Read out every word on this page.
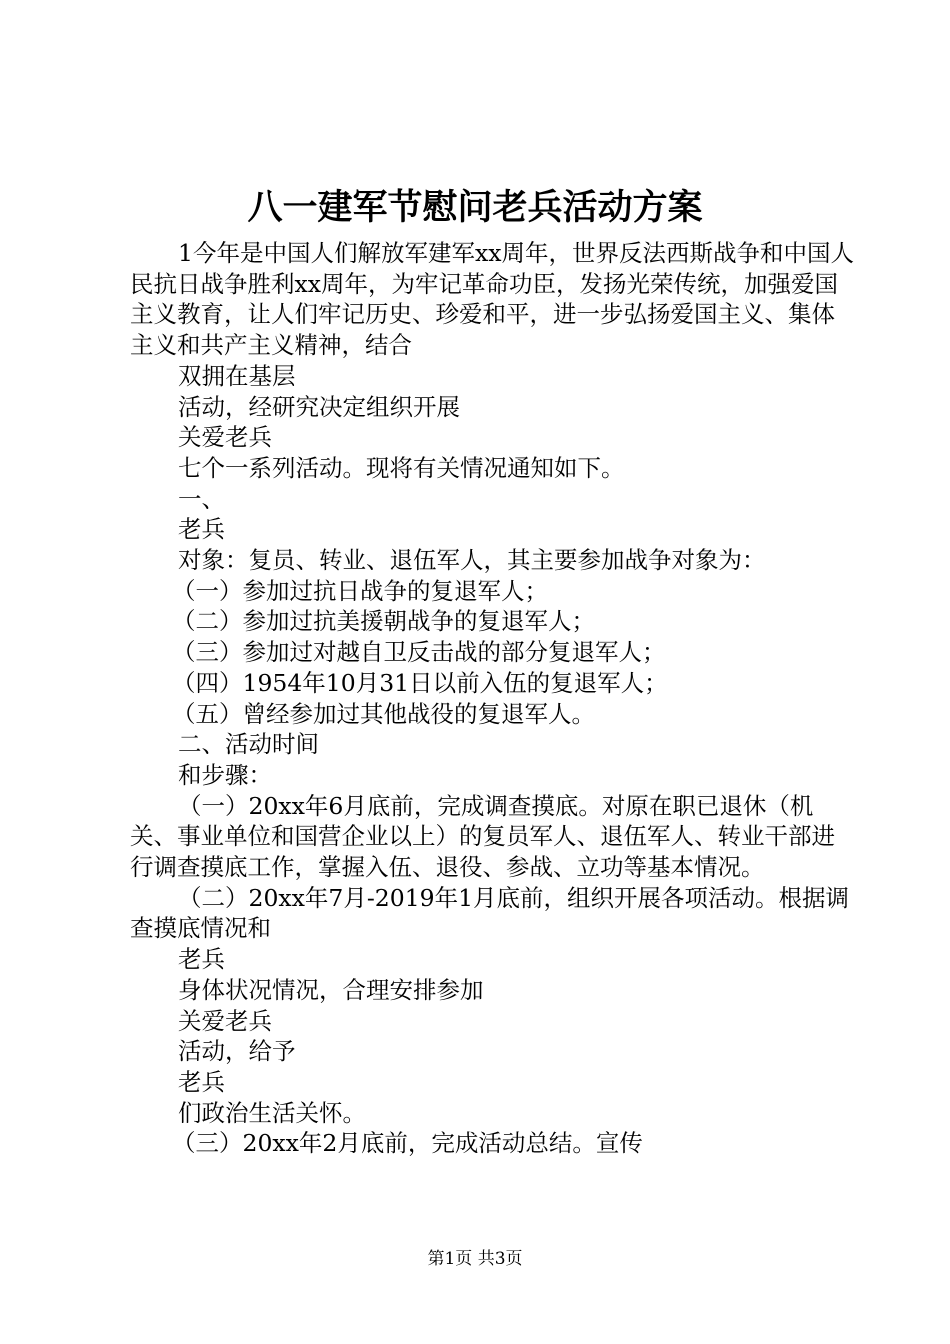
八一建军节慰问老兵活动方案

1今年是中国人们解放军建军xx周年，世界反法西斯战争和中国人民抗日战争胜利xx周年，为牢记革命功臣，发扬光荣传统，加强爱国主义教育，让人们牢记历史、珍爱和平，进一步弘扬爱国主义、集体主义和共产主义精神，结合

双拥在基层

活动，经研究决定组织开展

关爱老兵

七个一系列活动。现将有关情况通知如下。

一、

老兵

对象：复员、转业、退伍军人，其主要参加战争对象为：

（一）参加过抗日战争的复退军人；

（二）参加过抗美援朝战争的复退军人；

（三）参加过对越自卫反击战的部分复退军人；

（四）1954年10月31日以前入伍的复退军人；

（五）曾经参加过其他战役的复退军人。

二、活动时间

和步骤：

（一）20xx年6月底前，完成调查摸底。对原在职已退休（机关、事业单位和国营企业以上）的复员军人、退伍军人、转业干部进行调查摸底工作，掌握入伍、退役、参战、立功等基本情况。

（二）20xx年7月-2019年1月底前，组织开展各项活动。根据调查摸底情况和

老兵

身体状况情况，合理安排参加

关爱老兵

活动，给予

老兵

们政治生活关怀。

（三）20xx年2月底前，完成活动总结。宣传

第1页 共3页
